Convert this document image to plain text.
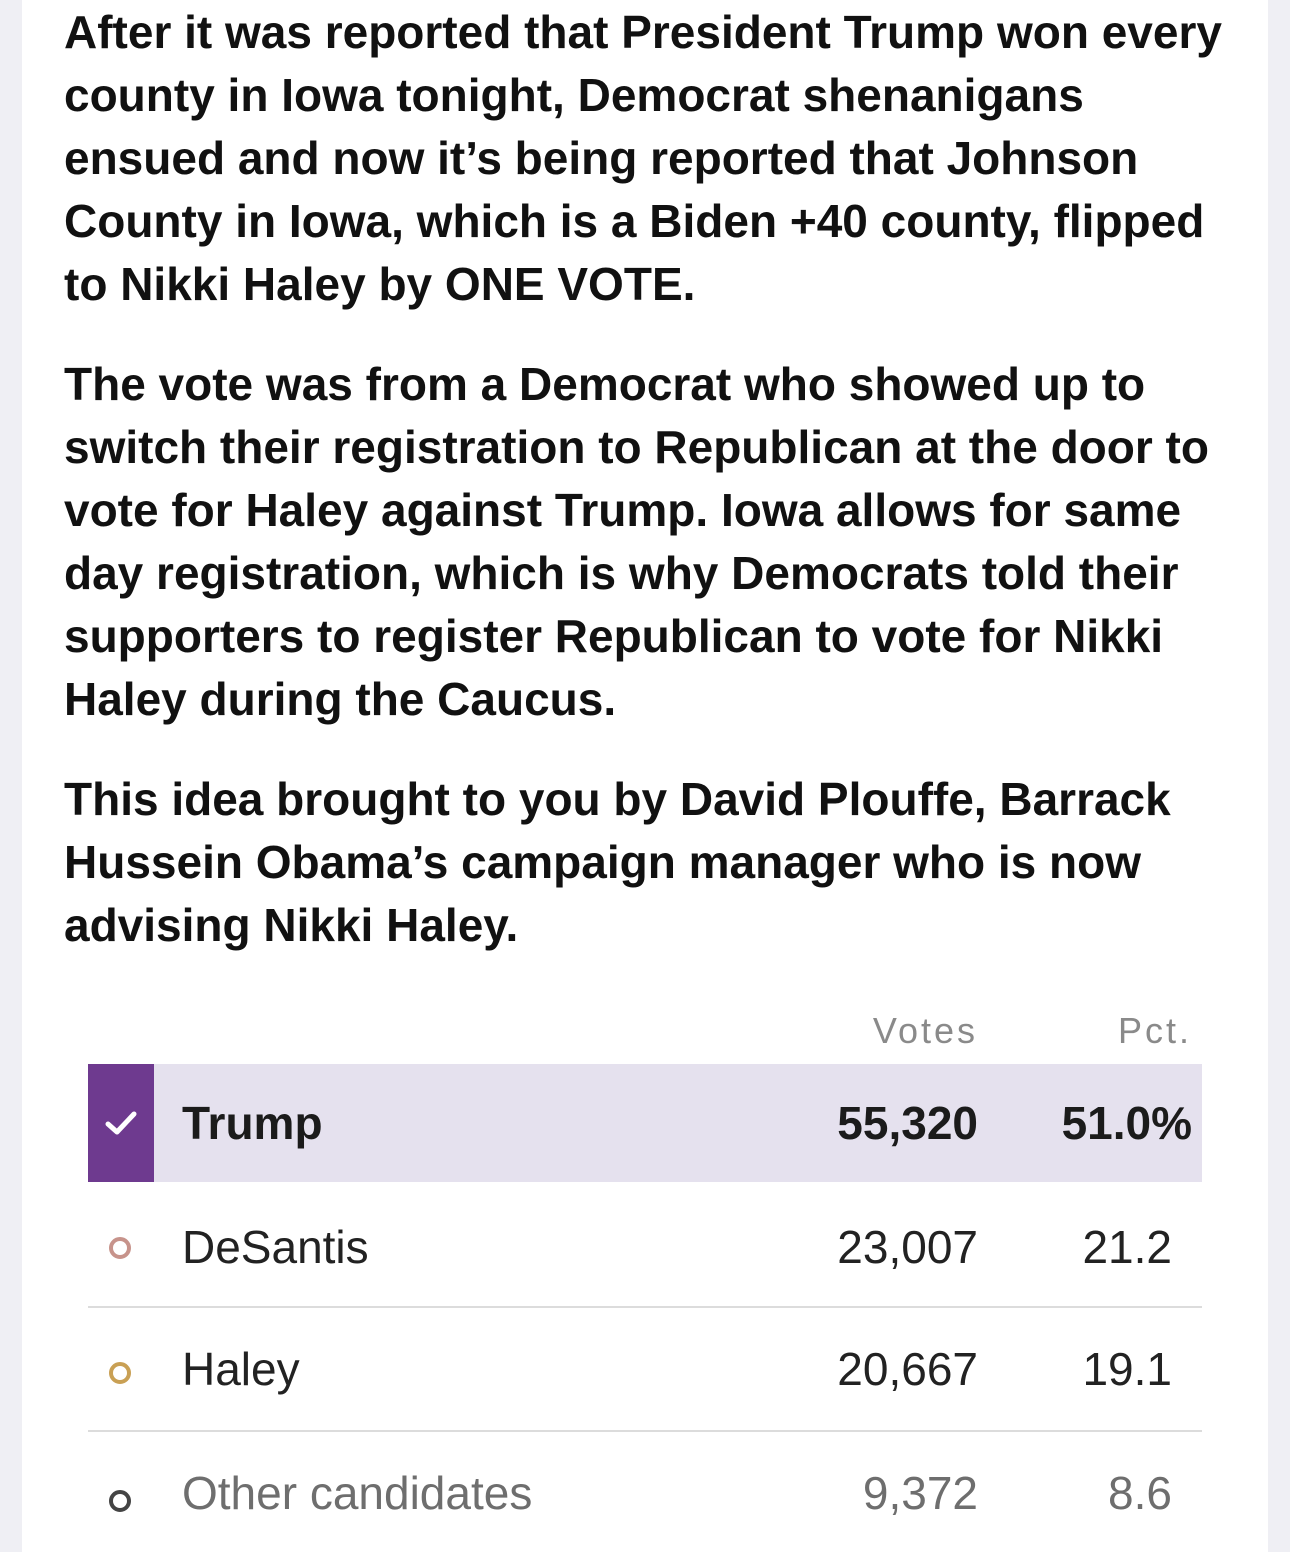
After it was reported that President Trump won every county in Iowa tonight, Democrat shenanigans ensued and now it’s being reported that Johnson County in Iowa, which is a Biden +40 county, flipped to Nikki Haley by ONE VOTE.

The vote was from a Democrat who showed up to switch their registration to Republican at the door to vote for Haley against Trump. Iowa allows for same day registration, which is why Democrats told their supporters to register Republican to vote for Nikki Haley during the Caucus.

This idea brought to you by David Plouffe, Barrack Hussein Obama’s campaign manager who is now advising Nikki Haley.

Votes	Pct.
Trump	55,320	51.0%
DeSantis	23,007	21.2
Haley	20,667	19.1
Other candidates	9,372	8.6
